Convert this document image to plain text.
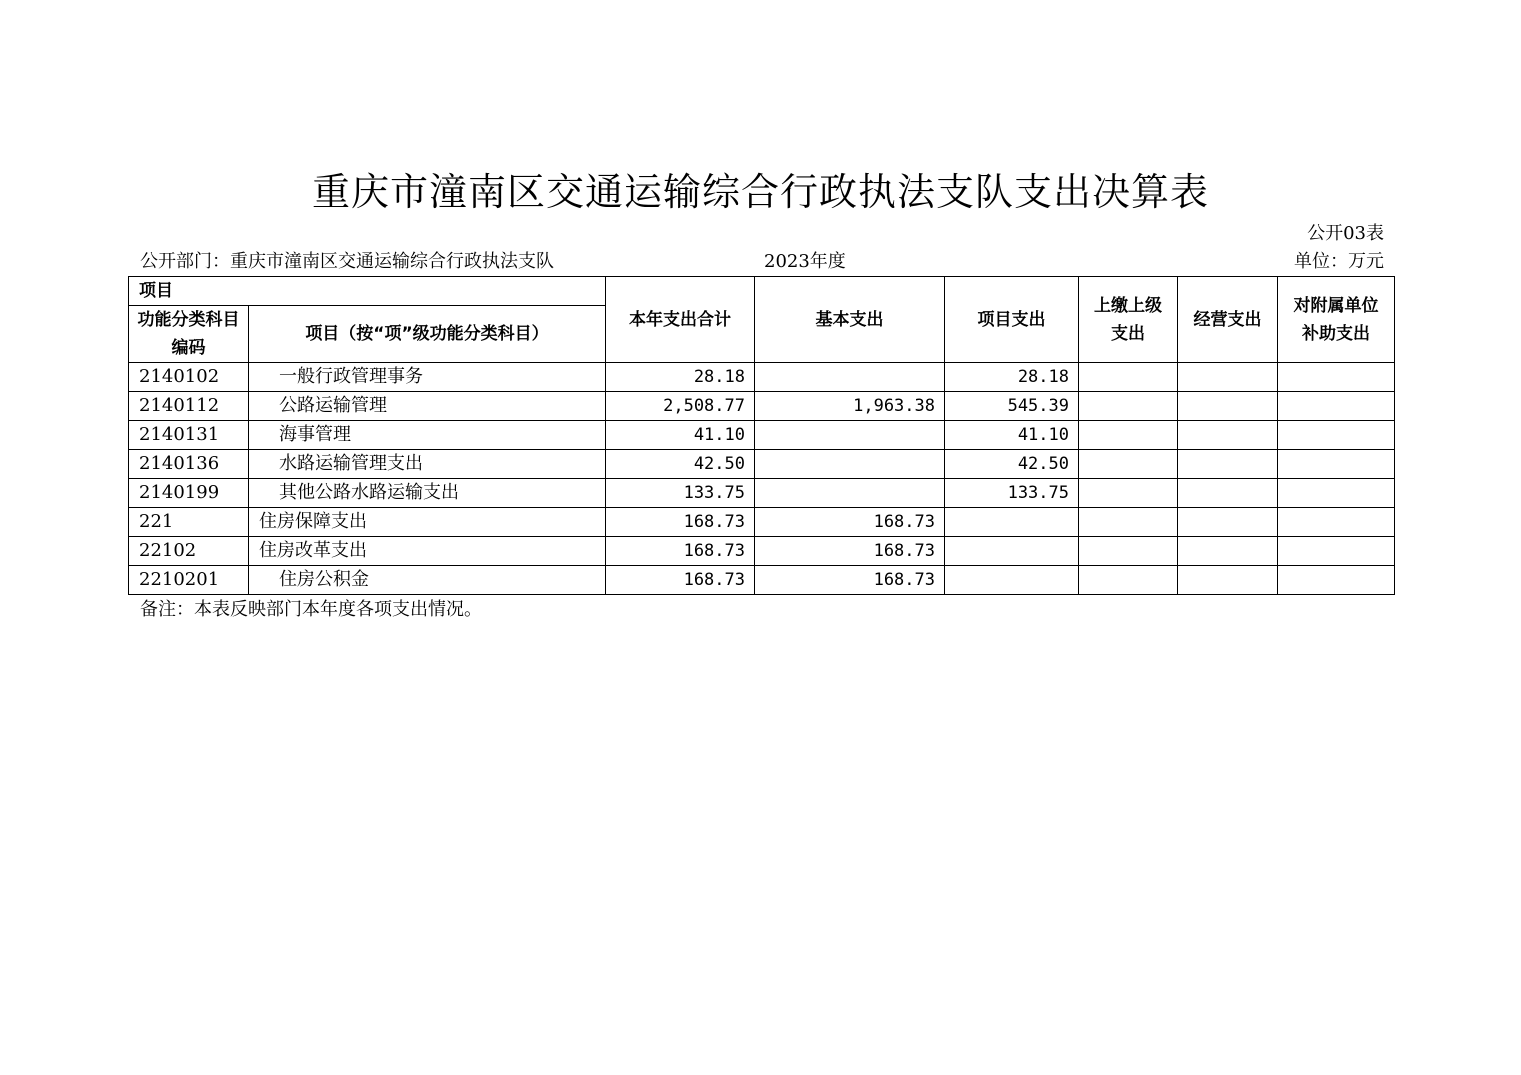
重庆市潼南区交通运输综合行政执法支队支出决算表
公开03表
公开部门：重庆市潼南区交通运输综合行政执法支队	2023年度	单位：万元
项目		本年支出合计	基本支出	项目支出	上缴上级支出	经营支出	对附属单位补助支出
功能分类科目编码	项目（按“项”级功能分类科目）						
2140102	一般行政管理事务	28.18		28.18			
2140112	公路运输管理	2,508.77	1,963.38	545.39			
2140131	海事管理	41.10		41.10			
2140136	水路运输管理支出	42.50		42.50			
2140199	其他公路水路运输支出	133.75		133.75			
221	住房保障支出	168.73	168.73				
22102	住房改革支出	168.73	168.73				
2210201	住房公积金	168.73	168.73				
备注：本表反映部门本年度各项支出情况。
